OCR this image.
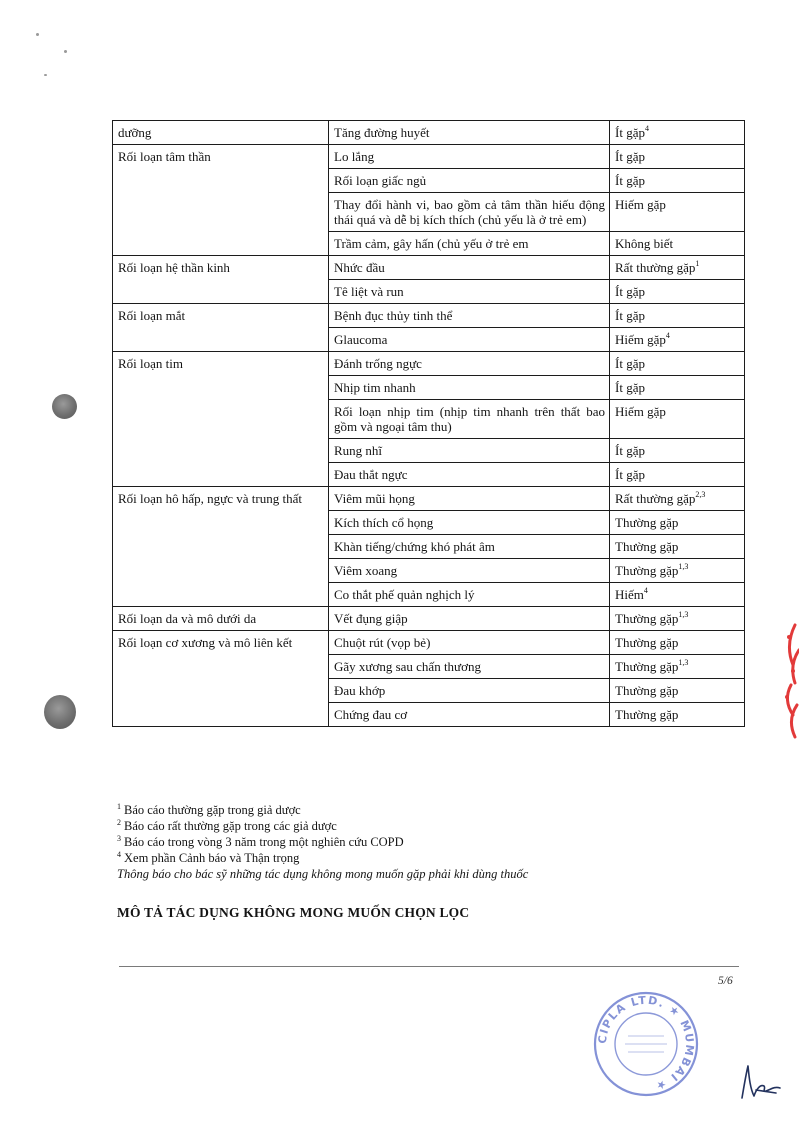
dưỡng	Tăng đường huyết	Ít gặp$^4$
Rối loạn tâm thần	Lo lắng	Ít gặp
	Rối loạn giấc ngủ	Ít gặp
	Thay đổi hành vi, bao gồm cả tâm thần hiếu động thái quá và dễ bị kích thích (chủ yếu là ở trẻ em)	Hiếm gặp
	Trầm cảm, gây hấn (chủ yếu ở trẻ em	Không biết
Rối loạn hệ thần kinh	Nhức đầu	Rất thường gặp$^1$
	Tê liệt và run	Ít gặp
Rối loạn mắt	Bệnh đục thủy tinh thể	Ít gặp
	Glaucoma	Hiếm gặp$^4$
Rối loạn tim	Đánh trống ngực	Ít gặp
	Nhịp tim nhanh	Ít gặp
	Rối loạn nhịp tim (nhịp tim nhanh trên thất bao gồm và ngoại tâm thu)	Hiếm gặp
	Rung nhĩ	Ít gặp
	Đau thắt ngực	Ít gặp
Rối loạn hô hấp, ngực và trung thất	Viêm mũi họng	Rất thường gặp$^{2,3}$
	Kích thích cổ họng	Thường gặp
	Khàn tiếng/chứng khó phát âm	Thường gặp
	Viêm xoang	Thường gặp$^{1,3}$
	Co thắt phế quản nghịch lý	Hiếm$^4$
Rối loạn da và mô dưới da	Vết đụng giập	Thường gặp$^{1,3}$
Rối loạn cơ xương và mô liên kết	Chuột rút (vọp bẻ)	Thường gặp
	Gãy xương sau chấn thương	Thường gặp$^{1,3}$
	Đau khớp	Thường gặp
	Chứng đau cơ	Thường gặp
$^1$ Báo cáo thường gặp trong giả dược
$^2$ Báo cáo rất thường gặp trong các giả dược
$^3$ Báo cáo trong vòng 3 năm trong một nghiên cứu COPD
$^4$ Xem phần Cảnh báo và Thận trọng
Thông báo cho bác sỹ những tác dụng không mong muốn gặp phải khi dùng thuốc
MÔ TẢ TÁC DỤNG KHÔNG MONG MUỐN CHỌN LỌC
5/6
CIPLA LTD. ★ MUMBAI ★
